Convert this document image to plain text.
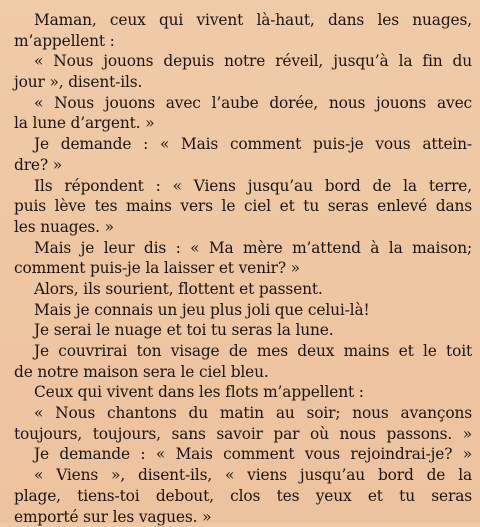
Maman, ceux qui vivent là-haut, dans les nuages,
m’appellent :
« Nous jouons depuis notre réveil, jusqu’à la fin du
jour », disent-ils.
« Nous jouons avec l’aube dorée, nous jouons avec
la lune d’argent. »
Je demande : « Mais comment puis-je vous attein-
dre? »
Ils répondent : « Viens jusqu’au bord de la terre,
puis lève tes mains vers le ciel et tu seras enlevé dans
les nuages. »
Mais je leur dis : « Ma mère m’attend à la maison;
comment puis-je la laisser et venir? »
Alors, ils sourient, flottent et passent.
Mais je connais un jeu plus joli que celui-là!
Je serai le nuage et toi tu seras la lune.
Je couvrirai ton visage de mes deux mains et le toit
de notre maison sera le ciel bleu.
Ceux qui vivent dans les flots m’appellent :
« Nous chantons du matin au soir; nous avançons
toujours, toujours, sans savoir par où nous passons. »
Je demande : « Mais comment vous rejoindrai-je? »
« Viens », disent-ils, « viens jusqu’au bord de la
plage, tiens-toi debout, clos tes yeux et tu seras
emporté sur les vagues. »
